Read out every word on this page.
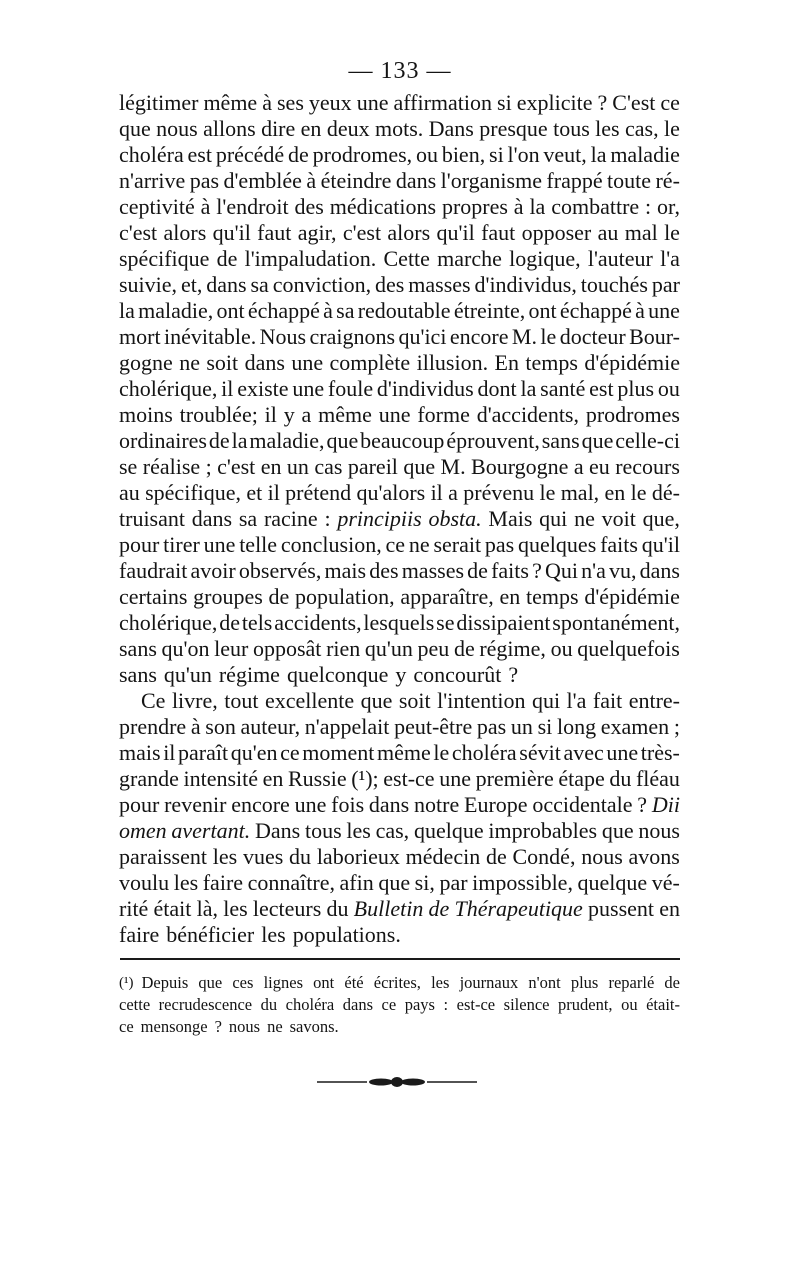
— 133 —
légitimer même à ses yeux une affirmation si explicite ? C'est ce
que nous allons dire en deux mots. Dans presque tous les cas, le
choléra est précédé de prodromes, ou bien, si l'on veut, la maladie
n'arrive pas d'emblée à éteindre dans l'organisme frappé toute ré-
ceptivité à l'endroit des médications propres à la combattre : or,
c'est alors qu'il faut agir, c'est alors qu'il faut opposer au mal le
spécifique de l'impaludation. Cette marche logique, l'auteur l'a
suivie, et, dans sa conviction, des masses d'individus, touchés par
la maladie, ont échappé à sa redoutable étreinte, ont échappé à une
mort inévitable. Nous craignons qu'ici encore M. le docteur Bour-
gogne ne soit dans une complète illusion. En temps d'épidémie
cholérique, il existe une foule d'individus dont la santé est plus ou
moins troublée; il y a même une forme d'accidents, prodromes
ordinaires de la maladie, que beaucoup éprouvent, sans que celle-ci
se réalise ; c'est en un cas pareil que M. Bourgogne a eu recours
au spécifique, et il prétend qu'alors il a prévenu le mal, en le dé-
truisant dans sa racine : principiis obsta. Mais qui ne voit que,
pour tirer une telle conclusion, ce ne serait pas quelques faits qu'il
faudrait avoir observés, mais des masses de faits ? Qui n'a vu, dans
certains groupes de population, apparaître, en temps d'épidémie
cholérique, de tels accidents, lesquels se dissipaient spontanément,
sans qu'on leur opposât rien qu'un peu de régime, ou quelquefois
sans qu'un régime quelconque y concourût ?
Ce livre, tout excellente que soit l'intention qui l'a fait entre-
prendre à son auteur, n'appelait peut-être pas un si long examen ;
mais il paraît qu'en ce moment même le choléra sévit avec une très-
grande intensité en Russie (¹); est-ce une première étape du fléau
pour revenir encore une fois dans notre Europe occidentale ? Dii
omen avertant. Dans tous les cas, quelque improbables que nous
paraissent les vues du laborieux médecin de Condé, nous avons
voulu les faire connaître, afin que si, par impossible, quelque vé-
rité était là, les lecteurs du Bulletin de Thérapeutique pussent en
faire bénéficier les populations.
(¹) Depuis que ces lignes ont été écrites, les journaux n'ont plus reparlé de
cette recrudescence du choléra dans ce pays : est-ce silence prudent, ou était-
ce mensonge ? nous ne savons.
